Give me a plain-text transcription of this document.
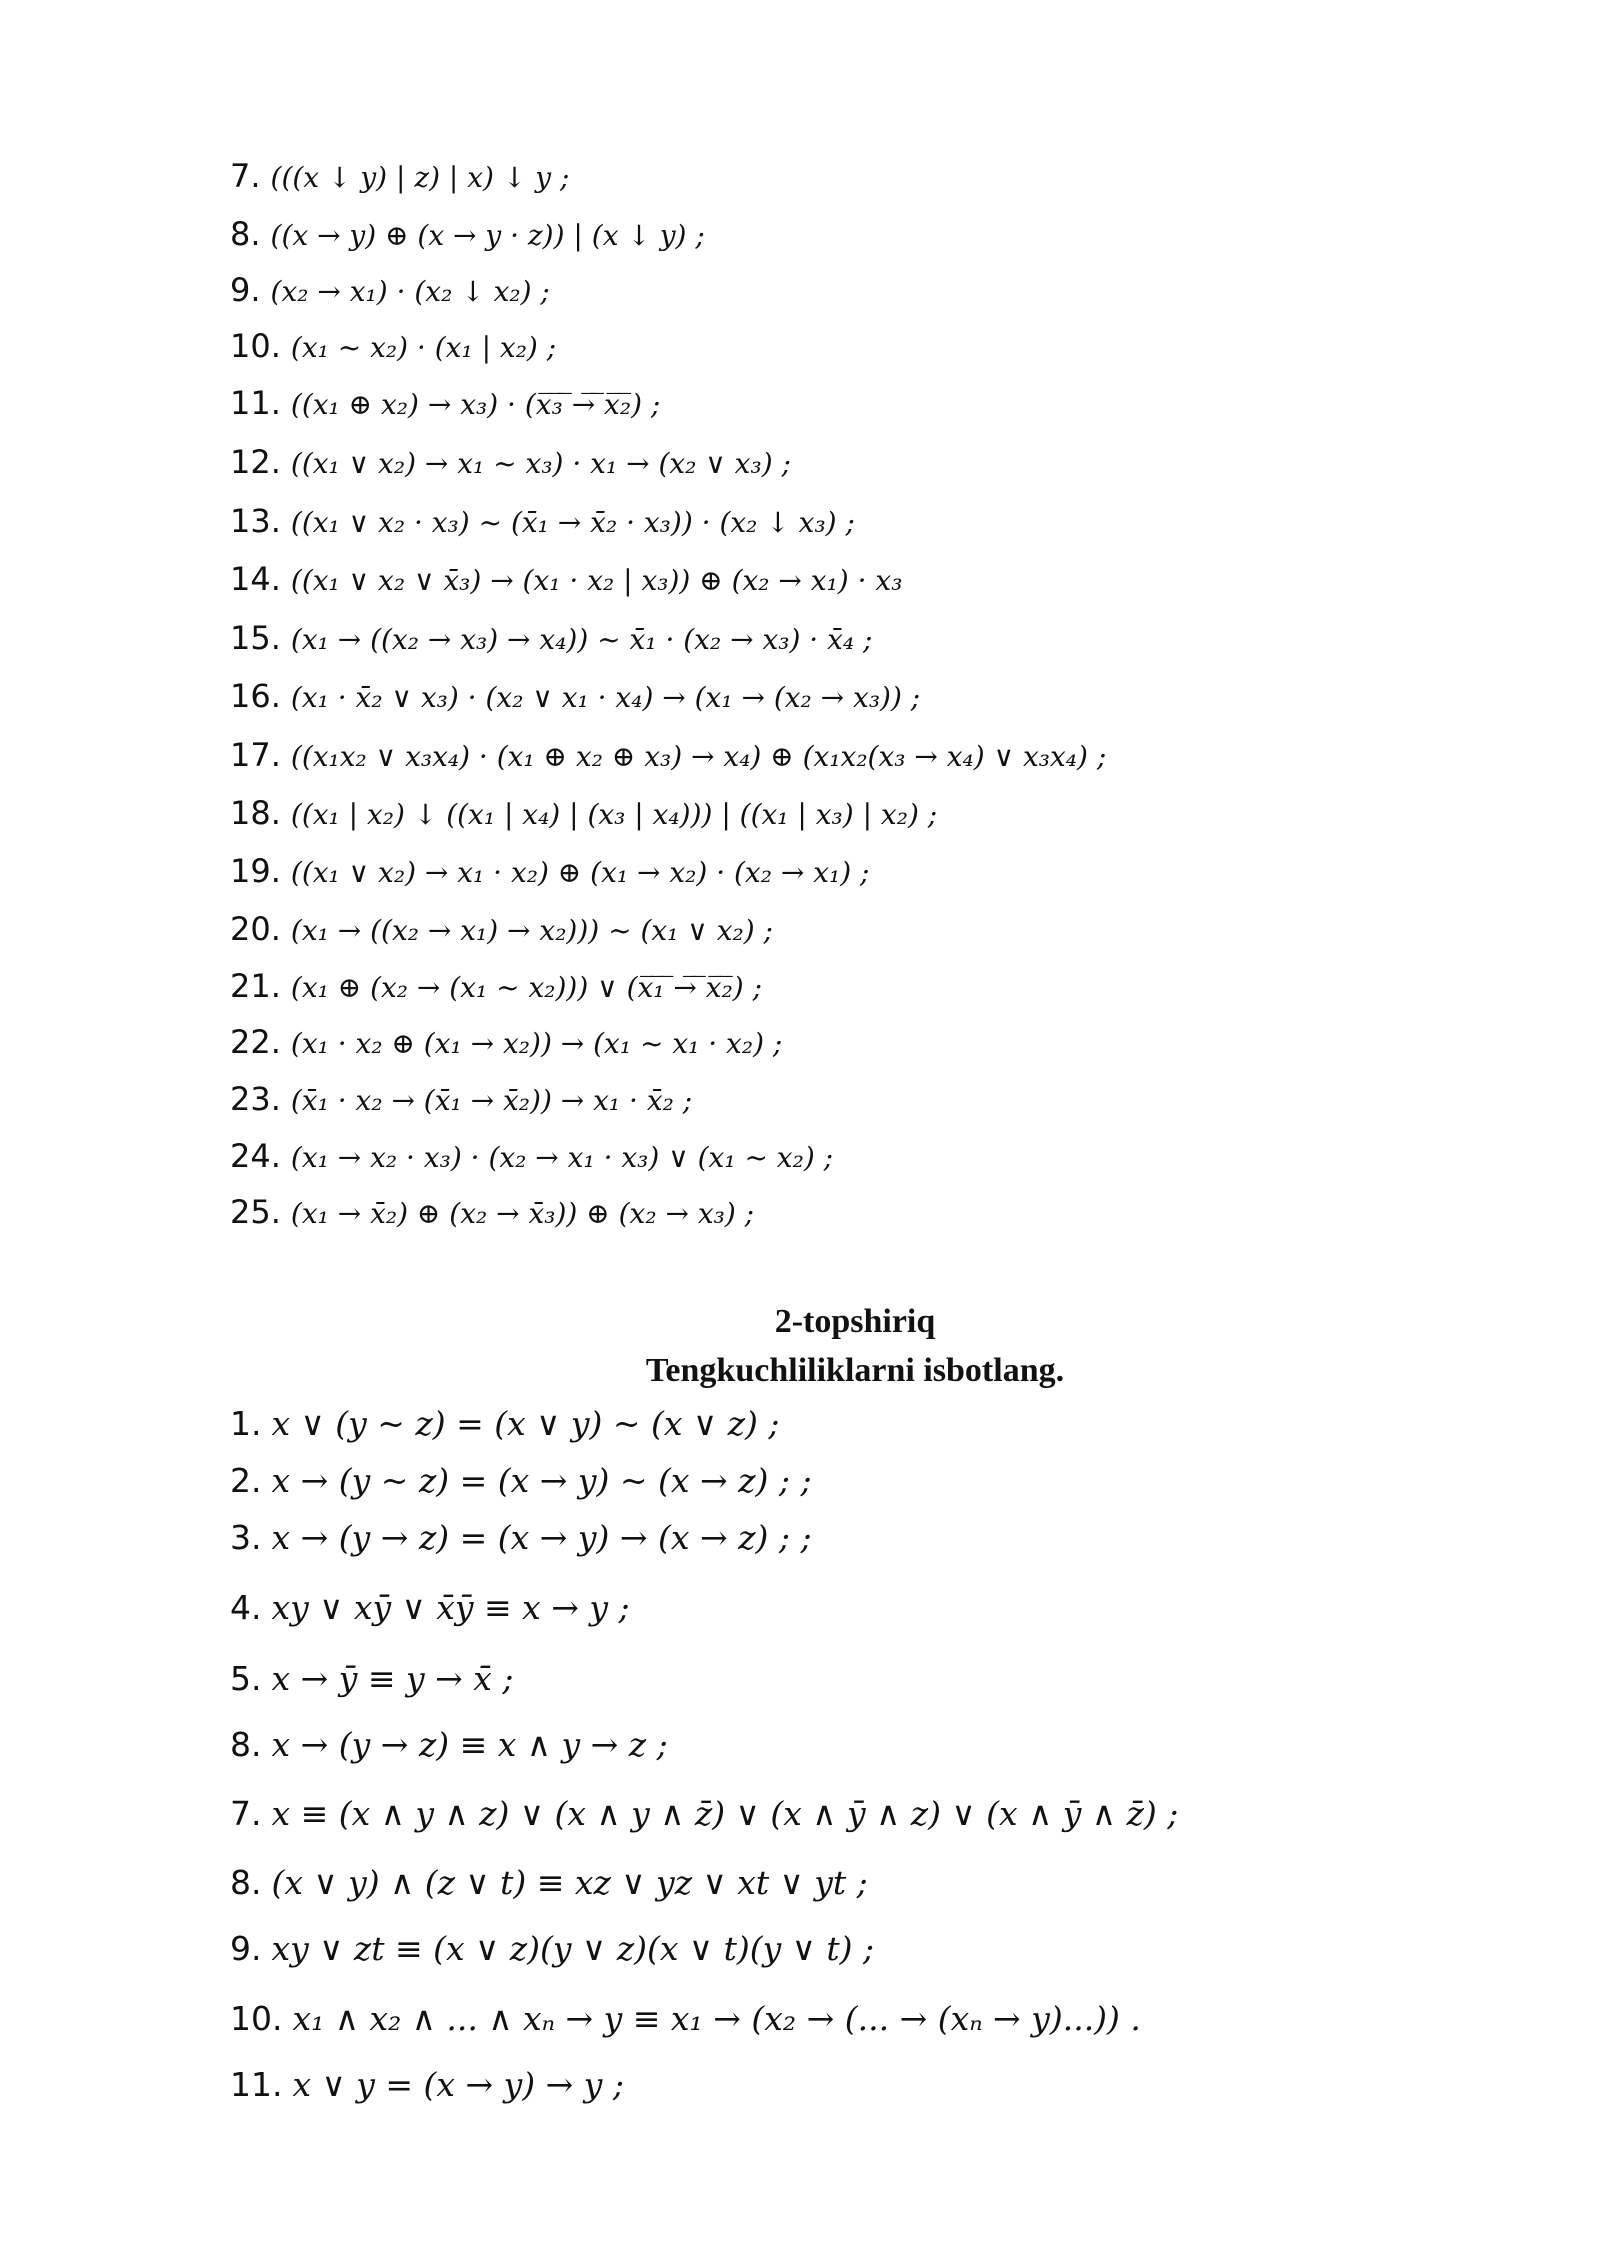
7. (((x ↓ y) | z) | x) ↓ y ;
8. ((x → y) ⊕ (x → y · z)) | (x ↓ y) ;
9. (x₂ → x₁) · (x₂ ↓ x₂) ;
10. (x₁ ~ x₂) · (x₁ | x₂) ;
11. ((x₁ ⊕ x₂) → x₃) · (x̅₃̅ ̅→̅ ̅x̅₂̅) ;
12. ((x₁ ∨ x₂) → x₁ ~ x₃) · x₁ → (x₂ ∨ x₃) ;
13. ((x₁ ∨ x₂ · x₃) ~ (x̄₁ → x̄₂ · x₃)) · (x₂ ↓ x₃) ;
14. ((x₁ ∨ x₂ ∨ x̄₃) → (x₁ · x₂ | x₃)) ⊕ (x₂ → x₁) · x₃
15. (x₁ → ((x₂ → x₃) → x₄)) ~ x̄₁ · (x₂ → x₃) · x̄₄ ;
16. (x₁ · x̄₂ ∨ x₃) · (x₂ ∨ x₁ · x₄) → (x₁ → (x₂ → x₃)) ;
17. ((x₁x₂ ∨ x₃x₄) · (x₁ ⊕ x₂ ⊕ x₃) → x₄) ⊕ (x₁x₂(x₃ → x₄) ∨ x₃x₄) ;
18. ((x₁ | x₂) ↓ ((x₁ | x₄) | (x₃ | x₄))) | ((x₁ | x₃) | x₂) ;
19. ((x₁ ∨ x₂) → x₁ · x₂) ⊕ (x₁ → x₂) · (x₂ → x₁) ;
20. (x₁ → ((x₂ → x₁) → x₂))) ~ (x₁ ∨ x₂) ;
21. (x₁ ⊕ (x₂ → (x₁ ~ x₂))) ∨ (x̅₁̅ ̅→̅ ̅x̅₂̅) ;
22. (x₁ · x₂ ⊕ (x₁ → x₂)) → (x₁ ~ x₁ · x₂) ;
23. (x̄₁ · x₂ → (x̄₁ → x̄₂)) → x₁ · x̄₂ ;
24. (x₁ → x₂ · x₃) · (x₂ → x₁ · x₃) ∨ (x₁ ~ x₂) ;
25. (x₁ → x̄₂) ⊕ (x₂ → x̄₃)) ⊕ (x₂ → x₃) ;
2-topshiriq
Tengkuchliliklarni isbotlang.
1. x ∨ (y ~ z) = (x ∨ y) ~ (x ∨ z) ;
2. x → (y ~ z) = (x → y) ~ (x → z) ; ;
3. x → (y → z) = (x → y) → (x → z) ; ;
4. xy ∨ xȳ ∨ x̄ȳ ≡ x → y ;
5. x → ȳ ≡ y → x̄ ;
8. x → (y → z) ≡ x ∧ y → z ;
7. x ≡ (x ∧ y ∧ z) ∨ (x ∧ y ∧ z̄) ∨ (x ∧ ȳ ∧ z) ∨ (x ∧ ȳ ∧ z̄) ;
8. (x ∨ y) ∧ (z ∨ t) ≡ xz ∨ yz ∨ xt ∨ yt ;
9. xy ∨ zt ≡ (x ∨ z)(y ∨ z)(x ∨ t)(y ∨ t) ;
10. x₁ ∧ x₂ ∧ ... ∧ xₙ → y ≡ x₁ → (x₂ → (... → (xₙ → y)...)) .
11. x ∨ y = (x → y) → y ;
